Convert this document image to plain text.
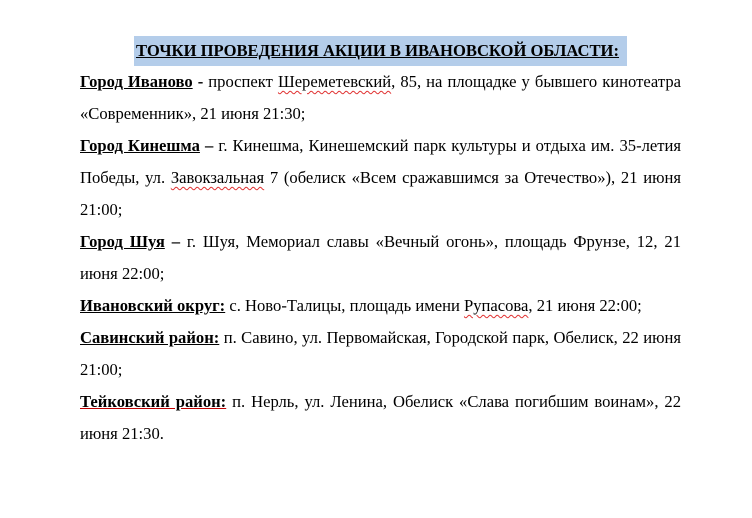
ТОЧКИ ПРОВЕДЕНИЯ АКЦИИ В ИВАНОВСКОЙ ОБЛАСТИ:

Город Иваново - проспект Шереметевский, 85, на площадке у бывшего кинотеатра «Современник», 21 июня 21:30;

Город Кинешма – г. Кинешма, Кинешемский парк культуры и отдыха им. 35-летия Победы, ул. Завокзальная 7 (обелиск «Всем сражавшимся за Отечество»), 21 июня 21:00;

Город Шуя – г. Шуя, Мемориал славы «Вечный огонь», площадь Фрунзе, 12, 21 июня 22:00;

Ивановский округ: с. Ново-Талицы, площадь имени Рупасова, 21 июня 22:00;

Савинский район: п. Савино, ул. Первомайская, Городской парк, Обелиск, 22 июня 21:00;

Тейковский район: п. Нерль, ул. Ленина, Обелиск «Слава погибшим воинам», 22 июня 21:30.
